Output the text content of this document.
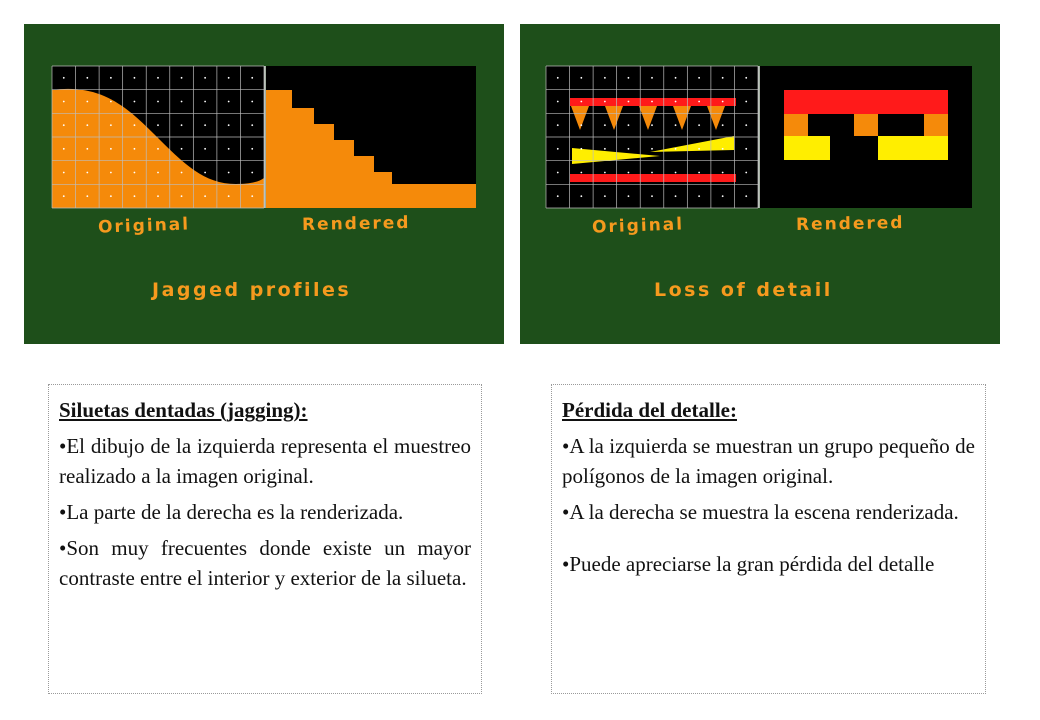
Original	Rendered
Jagged profiles
Original	Rendered
Loss of detail
Siluetas dentadas (jagging):

•El dibujo de la izquierda representa el muestreo realizado a la imagen original.

•La parte de la derecha es la renderizada.

•Son muy frecuentes donde existe un mayor contraste entre el interior y exterior de la silueta.

Pérdida del detalle:

•A la izquierda se muestran un grupo pequeño de polígonos de la imagen original.

•A la derecha se muestra la escena renderizada.

•Puede apreciarse la gran pérdida del detalle
